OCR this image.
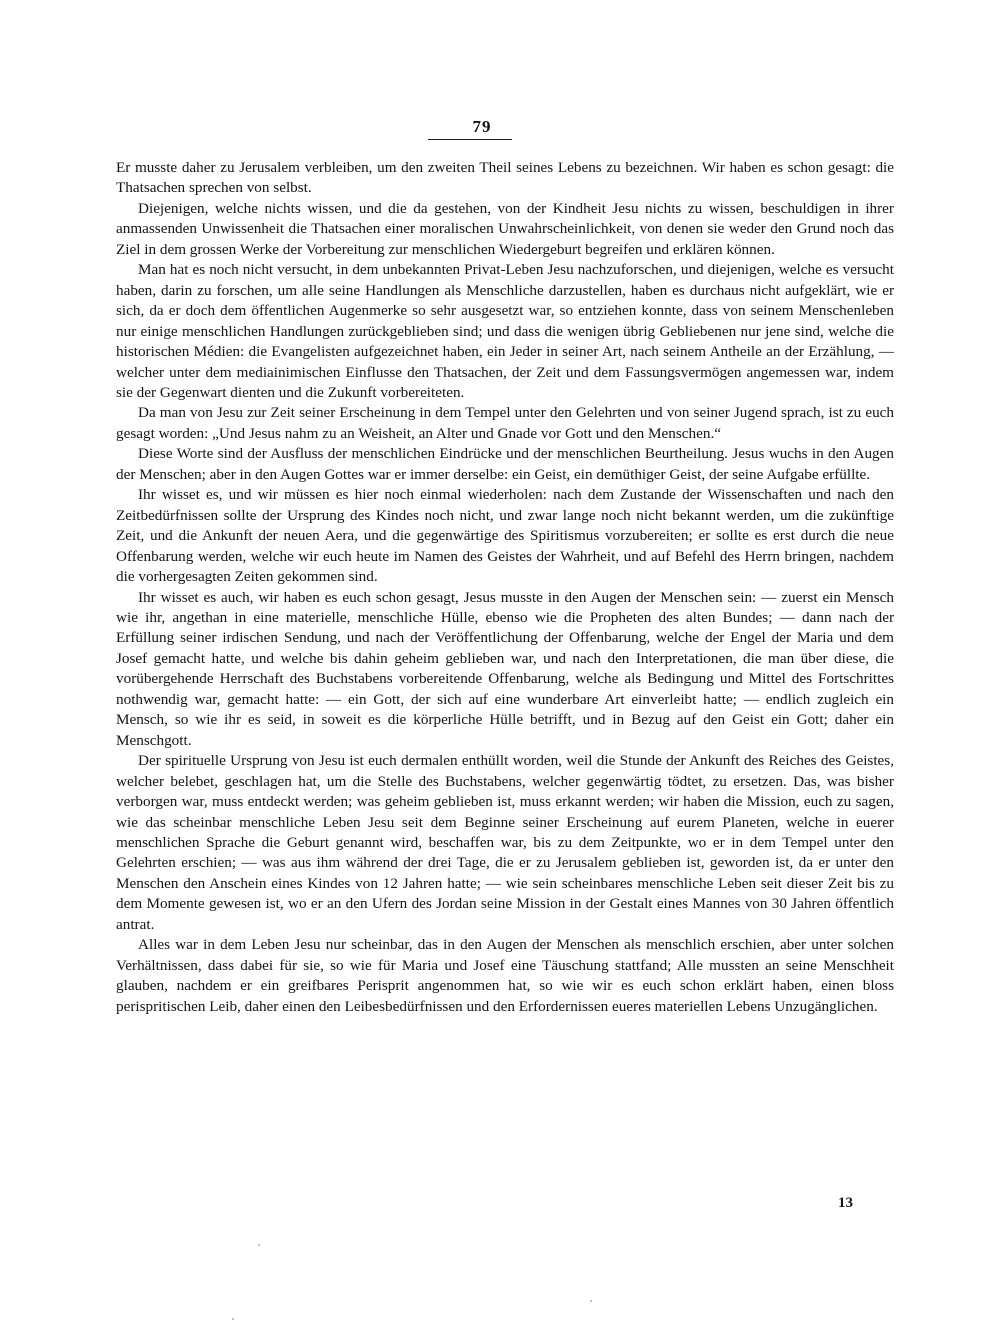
79

Er musste daher zu Jerusalem verbleiben, um den zweiten Theil seines Lebens zu bezeichnen. Wir haben es schon gesagt: die Thatsachen sprechen von selbst.

Diejenigen, welche nichts wissen, und die da gestehen, von der Kindheit Jesu nichts zu wissen, beschuldigen in ihrer anmassenden Unwissenheit die Thatsachen einer moralischen Unwahrscheinlichkeit, von denen sie weder den Grund noch das Ziel in dem grossen Werke der Vorbereitung zur menschlichen Wiedergeburt begreifen und erklären können.

Man hat es noch nicht versucht, in dem unbekannten Privat-Leben Jesu nachzuforschen, und diejenigen, welche es versucht haben, darin zu forschen, um alle seine Handlungen als Menschliche darzustellen, haben es durchaus nicht aufgeklärt, wie er sich, da er doch dem öffentlichen Augenmerke so sehr ausgesetzt war, so entziehen konnte, dass von seinem Menschenleben nur einige menschlichen Handlungen zurückgeblieben sind; und dass die wenigen übrig Gebliebenen nur jene sind, welche die historischen Médien: die Evangelisten aufgezeichnet haben, ein Jeder in seiner Art, nach seinem Antheile an der Erzählung, — welcher unter dem mediainimischen Einflusse den Thatsachen, der Zeit und dem Fassungsvermögen angemessen war, indem sie der Gegenwart dienten und die Zukunft vorbereiteten.

Da man von Jesu zur Zeit seiner Erscheinung in dem Tempel unter den Gelehrten und von seiner Jugend sprach, ist zu euch gesagt worden: „Und Jesus nahm zu an Weisheit, an Alter und Gnade vor Gott und den Menschen.“

Diese Worte sind der Ausfluss der menschlichen Eindrücke und der menschlichen Beurtheilung. Jesus wuchs in den Augen der Menschen; aber in den Augen Gottes war er immer derselbe: ein Geist, ein demüthiger Geist, der seine Aufgabe erfüllte.

Ihr wisset es, und wir müssen es hier noch einmal wiederholen: nach dem Zustande der Wissenschaften und nach den Zeitbedürfnissen sollte der Ursprung des Kindes noch nicht, und zwar lange noch nicht bekannt werden, um die zukünftige Zeit, und die Ankunft der neuen Aera, und die gegenwärtige des Spiritismus vorzubereiten; er sollte es erst durch die neue Offenbarung werden, welche wir euch heute im Namen des Geistes der Wahrheit, und auf Befehl des Herrn bringen, nachdem die vorhergesagten Zeiten gekommen sind.

Ihr wisset es auch, wir haben es euch schon gesagt, Jesus musste in den Augen der Menschen sein: — zuerst ein Mensch wie ihr, angethan in eine materielle, menschliche Hülle, ebenso wie die Propheten des alten Bundes; — dann nach der Erfüllung seiner irdischen Sendung, und nach der Veröffentlichung der Offenbarung, welche der Engel der Maria und dem Josef gemacht hatte, und welche bis dahin geheim geblieben war, und nach den Interpretationen, die man über diese, die vorübergehende Herrschaft des Buchstabens vorbereitende Offenbarung, welche als Bedingung und Mittel des Fortschrittes nothwendig war, gemacht hatte: — ein Gott, der sich auf eine wunderbare Art einverleibt hatte; — endlich zugleich ein Mensch, so wie ihr es seid, in soweit es die körperliche Hülle betrifft, und in Bezug auf den Geist ein Gott; daher ein Menschgott.

Der spirituelle Ursprung von Jesu ist euch dermalen enthüllt worden, weil die Stunde der Ankunft des Reiches des Geistes, welcher belebet, geschlagen hat, um die Stelle des Buchstabens, welcher gegenwärtig tödtet, zu ersetzen. Das, was bisher verborgen war, muss entdeckt werden; was geheim geblieben ist, muss erkannt werden; wir haben die Mission, euch zu sagen, wie das scheinbar menschliche Leben Jesu seit dem Beginne seiner Erscheinung auf eurem Planeten, welche in euerer menschlichen Sprache die Geburt genannt wird, beschaffen war, bis zu dem Zeitpunkte, wo er in dem Tempel unter den Gelehrten erschien; — was aus ihm während der drei Tage, die er zu Jerusalem geblieben ist, geworden ist, da er unter den Menschen den Anschein eines Kindes von 12 Jahren hatte; — wie sein scheinbares menschliche Leben seit dieser Zeit bis zu dem Momente gewesen ist, wo er an den Ufern des Jordan seine Mission in der Gestalt eines Mannes von 30 Jahren öffentlich antrat.

Alles war in dem Leben Jesu nur scheinbar, das in den Augen der Menschen als menschlich erschien, aber unter solchen Verhältnissen, dass dabei für sie, so wie für Maria und Josef eine Täuschung stattfand; Alle mussten an seine Menschheit glauben, nachdem er ein greifbares Perisprit angenommen hat, so wie wir es euch schon erklärt haben, einen bloss perispritischen Leib, daher einen den Leibesbedürfnissen und den Erfordernissen eueres materiellen Lebens Unzugänglichen.

13
